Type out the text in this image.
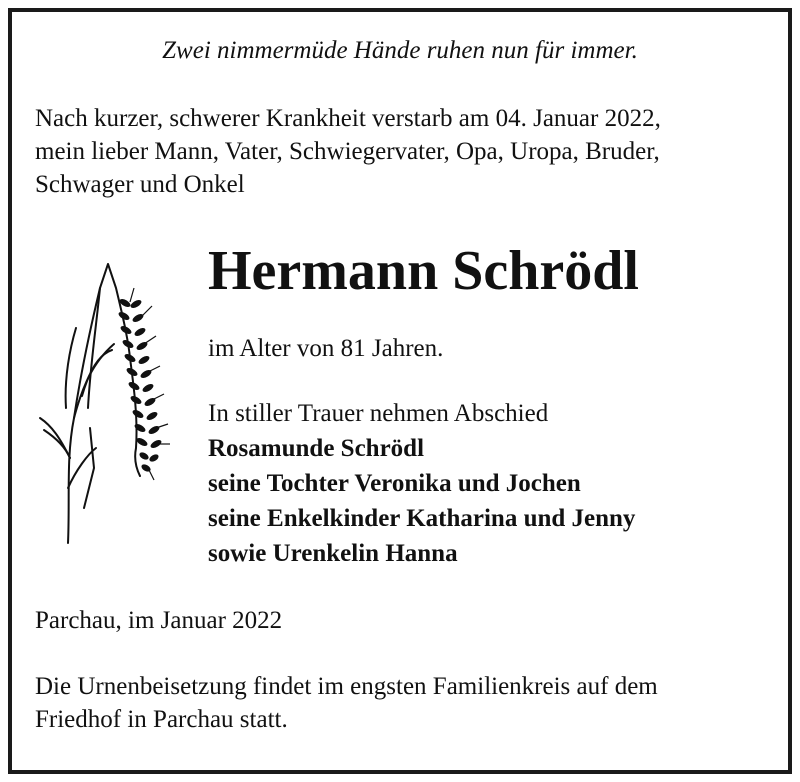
Zwei nimmermüde Hände ruhen nun für immer.
Nach kurzer, schwerer Krankheit verstarb am 04. Januar 2022,
mein lieber Mann, Vater, Schwiegervater, Opa, Uropa, Bruder,
Schwager und Onkel
Hermann Schrödl
im Alter von 81 Jahren.
In stiller Trauer nehmen Abschied
Rosamunde Schrödl
seine Tochter Veronika und Jochen
seine Enkelkinder Katharina und Jenny
sowie Urenkelin Hanna
Parchau, im Januar 2022
Die Urnenbeisetzung findet im engsten Familienkreis auf dem
Friedhof in Parchau statt.
